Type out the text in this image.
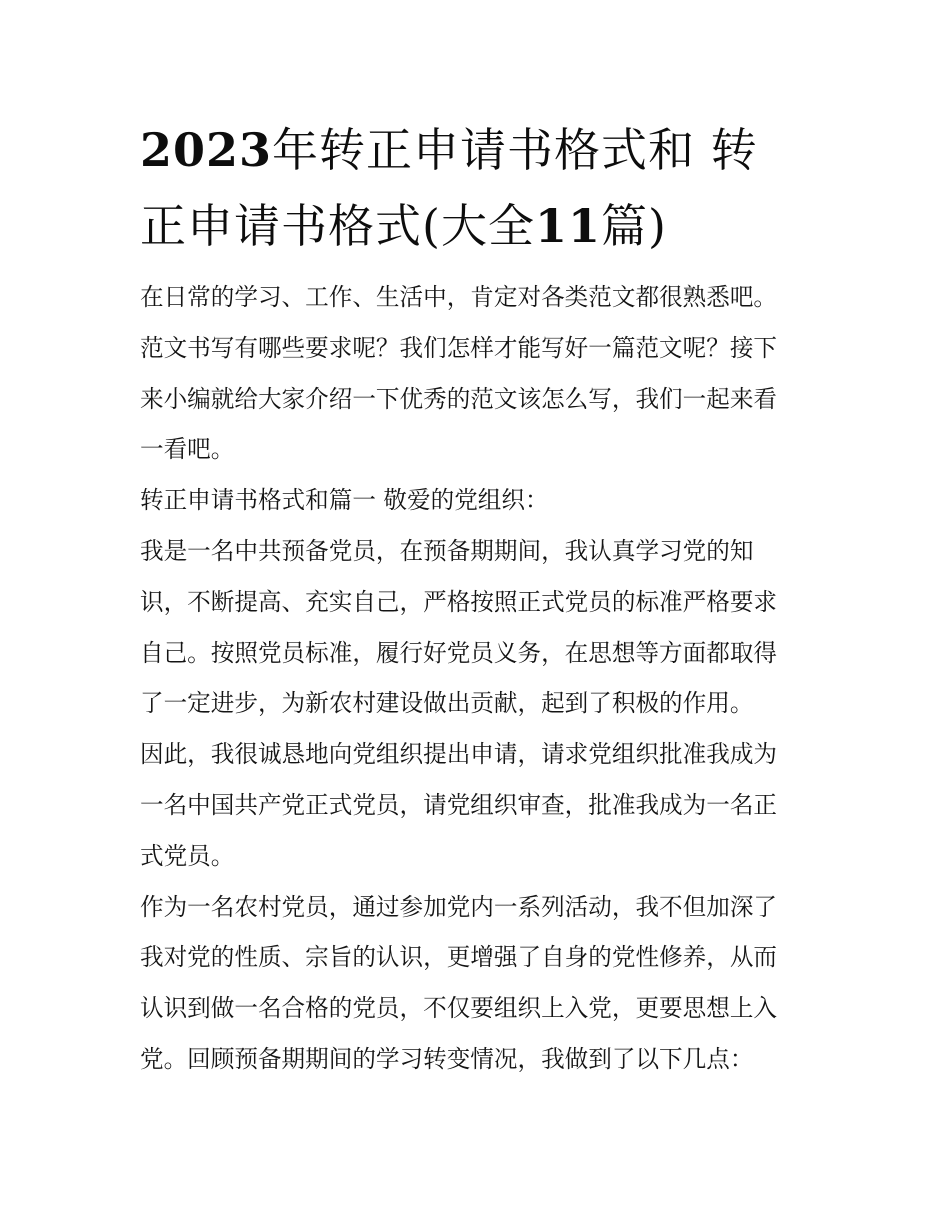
2023年转正申请书格式和 转
正申请书格式(大全11篇)

在日常的学习、工作、生活中，肯定对各类范文都很熟悉吧。
范文书写有哪些要求呢？我们怎样才能写好一篇范文呢？接下
来小编就给大家介绍一下优秀的范文该怎么写，我们一起来看
一看吧。

转正申请书格式和篇一 敬爱的党组织：

我是一名中共预备党员，在预备期期间，我认真学习党的知
识，不断提高、充实自己，严格按照正式党员的标准严格要求
自己。按照党员标准，履行好党员义务，在思想等方面都取得
了一定进步，为新农村建设做出贡献，起到了积极的作用。

因此，我很诚恳地向党组织提出申请，请求党组织批准我成为
一名中国共产党正式党员，请党组织审查，批准我成为一名正
式党员。

作为一名农村党员，通过参加党内一系列活动，我不但加深了
我对党的性质、宗旨的认识，更增强了自身的党性修养，从而
认识到做一名合格的党员，不仅要组织上入党，更要思想上入
党。回顾预备期期间的学习转变情况，我做到了以下几点：
